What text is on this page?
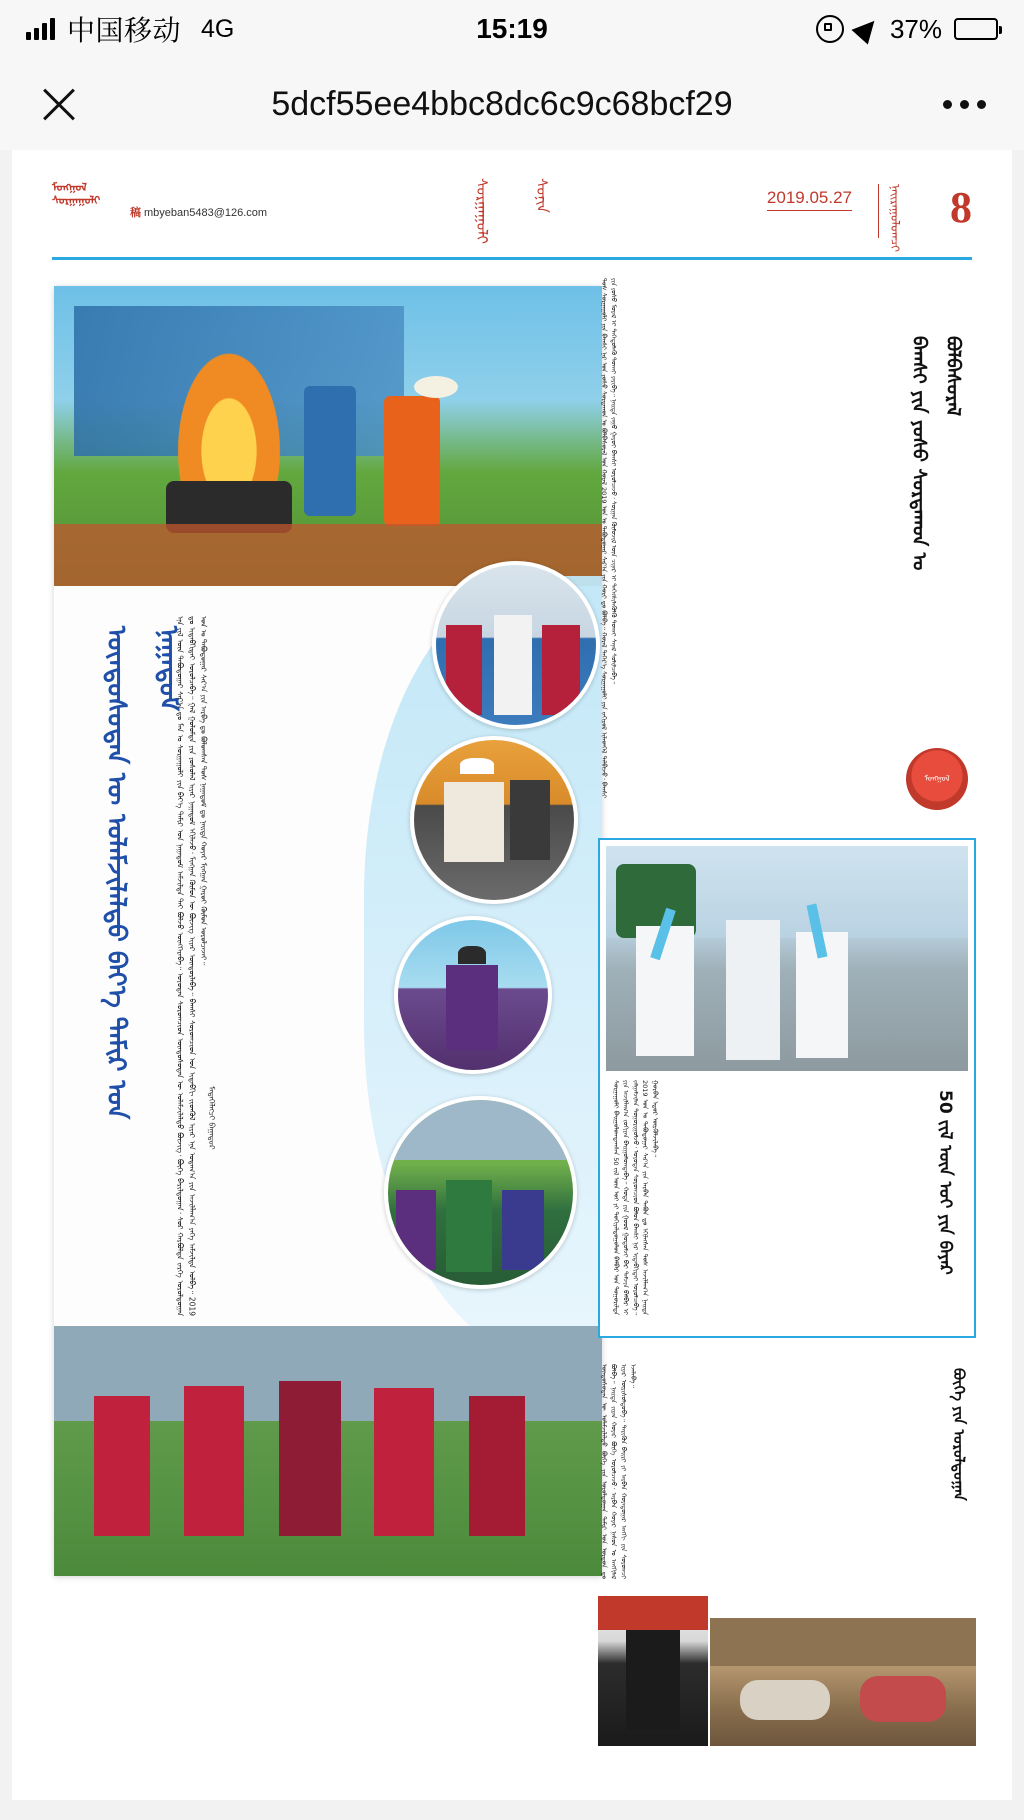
中国移动 4G	15:19	37%
5dcf55ee4bbc8dc6c9c68bcf29
ᠮᠣᠩᠭᠣᠯ ᠰᠤᠷᠭᠠᠭᠤᠯᠢ
稿 mbyeban5483@126.com	ᠰᠤᠷᠭᠠᠭᠤᠯᠢ	ᠰᠣᠨᠢᠨ	2019.05.27	ᠨᠠᠢᠷᠠᠭᠤᠯᠤᠭᠴᠢ 8
ᠦᠨᠳᠦᠰᠦᠲᠡᠨ ᠦ ᠤᠯᠠᠮᠵᠢᠯᠠᠯᠲᠤ ᠪᠡᠶ᠎ᠡ ᠲᠠᠮᠢᠷ ᠤᠨ ᠨᠠᠭᠠᠳᠤᠮ
ᠡᠨᠡ ᠵᠢᠯ ᠦᠨ ᠲᠠᠪᠤᠳᠤᠭᠠᠷ ᠰᠠᠷ᠎ᠠ ᠳᠤ ᠮᠠᠨ ᠤ ᠰᠤᠷᠭᠠᠭᠤᠯᠢ ᠶᠢᠨ ᠪᠡᠶ᠎ᠡ ᠲᠠᠮᠢᠷ ᠤᠨ ᠨᠠᠭᠠᠳᠤᠮ ᠠᠮᠵᠢᠯᠲᠠ ᠲᠠᠢ ᠪᠣᠯᠵᠤ ᠦᠩᠭᠡᠷᠡᠪᠡ᠃ ᠣᠶᠤᠲᠠᠨ ᠰᠤᠷᠤᠭᠴᠢᠳ ᠦᠨᠳᠦᠰᠦᠲᠡᠨ ᠦ ᠤᠯᠠᠮᠵᠢᠯᠠᠯᠲᠤ ᠪᠦᠵᠢᠭ᠂ ᠪᠥᠬᠡ ᠪᠠᠷᠢᠯᠳᠤᠭᠠᠨ᠂ ᠰᠤᠷ ᠬᠠᠷᠪᠤᠯᠲᠠ ᠵᠡᠷᠭᠡ ᠤᠷᠤᠯᠳᠤᠭᠠᠨ ᠳᠤ ᠢᠳᠡᠪᠬᠢᠲᠡᠢ ᠣᠷᠣᠯᠴᠠᠪᠠ᠃ ᠭᠠᠯ ᠭᠣᠯᠣᠮᠲᠠ ᠶᠢᠨ ᠶᠣᠰᠣᠯᠠᠯ ᠢᠶᠠᠷ ᠨᠠᠭᠠᠳᠤᠮ ᠡᠬᠢᠯᠡᠵᠦ᠂ ᠮᠢᠩᠭᠠᠨ ᠬᠥᠮᠦᠨ ᠦ ᠪᠦᠵᠢᠭ ᠢᠶᠡᠷ ᠥᠨᠳᠥᠷᠯᠡᠪᠡ᠃ ᠪᠠᠭᠰᠢ ᠰᠤᠷᠤᠭᠴᠢᠳ ᠤᠨ ᠢᠳᠡᠪᠬᠢ ᠵᠢᠳᠬᠦᠯ ᠢᠶᠡᠷ ᠡᠨᠡ ᠤᠳᠠᠭ᠎ᠠ ᠶᠢᠨ ᠠᠵᠢᠯᠯᠠᠭ᠎ᠠ ᠶᠡᠬᠡ ᠠᠮᠵᠢᠯᠲᠠ ᠣᠯᠪᠠ᠃ 2019 ᠣᠨ ᠤ ᠲᠠᠪᠤᠳᠤᠭᠠᠷ ᠰᠠᠷ᠎ᠠ ᠶᠢᠨ ᠠᠷᠪᠠ ᠳᠤ ᠪᠣᠯᠤᠭᠰᠠᠨ ᠲᠤᠰ ᠨᠠᠭᠠᠳᠤᠮ ᠳᠤ ᠨᠡᠢᠲᠡ ᠬᠣᠶᠠᠷ ᠮᠢᠩᠭᠠᠨ ᠭᠠᠷᠤᠢ ᠬᠥᠮᠦᠨ ᠣᠷᠣᠯᠴᠠᠵᠠᠢ᠃
ᠮᠡᠳᠡᠭᠡᠯᠡᠭᠴᠢ ᠪᠠᠭᠠᠲᠤᠷ
ᠲᠤᠰ ᠰᠤᠷᠭᠠᠭᠤᠯᠢ ᠶᠢᠨ ᠪᠠᠭᠰᠢ ᠨᠠᠷ ᠤᠨ ᠶᠣᠰᠣ ᠰᠤᠷᠲᠠᠬᠤᠨ ᠤ ᠪᠣᠯᠪᠠᠰᠤᠷᠠᠯ ᠤᠨ ᠬᠤᠷᠠᠯ 2019 ᠣᠨ ᠤ ᠲᠠᠪᠤᠳᠤᠭᠠᠷ ᠰᠠᠷ᠎ᠠ ᠶᠢᠨ ᠬᠣᠷᠢ ᠳᠤ ᠪᠣᠯᠪᠠ᠃ ᠬᠤᠷᠠᠯ ᠳᠡᠭᠡᠷ᠎ᠡ ᠰᠤᠷᠭᠠᠭᠤᠯᠢ ᠶᠢᠨ ᠵᠠᠬᠢᠷᠤᠯ ᠢᠯᠡᠳᠬᠡᠯ ᠲᠠᠯᠪᠢᠵᠤ᠂ ᠪᠠᠭᠰᠢ ᠶᠢᠨ ᠶᠣᠰᠣ ᠮᠣᠷᠠᠯ ᠢ ᠳᠡᠭᠡᠳᠦᠯᠡᠬᠦ ᠲᠤᠬᠠᠢ ᠶᠠᠷᠢᠪᠠ᠃ ᠨᠡᠢᠲᠡ ᠵᠠᠭᠤ ᠭᠠᠷᠤᠢ ᠪᠠᠭᠰᠢ ᠣᠷᠣᠯᠴᠠᠵᠤ᠂ ᠰᠤᠷᠭᠠᠨ ᠬᠥᠮᠦᠵᠢᠯ ᠦᠨ ᠴᠢᠨᠠᠷ ᠢ ᠳᠡᠭᠡᠭᠰᠢᠯᠡᠭᠦᠯᠬᠦ ᠲᠤᠬᠠᠢ ᠰᠠᠨᠠᠯ ᠰᠣᠯᠢᠯᠴᠠᠪᠠ᠃	ᠪᠠᠭᠰᠢ ᠶᠢᠨ ᠶᠣᠰᠣ ᠰᠤᠷᠲᠠᠬᠤᠨ ᠤ ᠪᠣᠯᠪᠠᠰᠤᠷᠠᠯ
ᠮᠣᠩᠭᠣᠯ
ᠰᠤᠷᠭᠠᠭᠤᠯᠢ ᠪᠠᠢᠭᠤᠯᠤᠭᠳᠠᠭᠰᠠᠨ 50 ᠵᠢᠯ ᠦᠨ ᠣᠢ ᠶᠢ ᠲᠣᠬᠢᠶᠠᠯᠳᠤᠭᠤᠯᠤᠨ ᠪᠠᠮᠪᠠᠷ ᠤᠨ ᠲᠤᠭᠤᠷᠢᠯᠲᠠ ᠶᠢᠨ ᠠᠵᠢᠯᠯᠠᠭ᠎ᠠ ᠵᠣᠬᠢᠶᠠᠨ ᠪᠠᠢᠭᠤᠯᠤᠭᠳᠠᠪᠠ᠃ ᠬᠣᠲᠠ ᠶᠢᠨ ᠭᠣᠣᠯ ᠭᠤᠳᠤᠮᠵᠢ ᠪᠠᠷ ᠳᠠᠮᠵᠢᠨ ᠪᠠᠮᠪᠠᠷ ᠢ ᠵᠠᠯᠭᠠᠮᠵᠢᠯᠠᠨ ᠲᠤᠭᠤᠷᠢᠭᠤᠯᠵᠤ᠂ ᠣᠶᠤᠲᠠᠨ ᠰᠤᠷᠤᠭᠴᠢᠳ ᠪᠣᠯᠤᠨ ᠪᠠᠭᠰᠢ ᠨᠠᠷ ᠢᠳᠡᠪᠬᠢᠲᠡᠢ ᠣᠷᠣᠯᠴᠠᠪᠠ᠃ 2019 ᠣᠨ ᠤ ᠲᠠᠪᠤᠳᠤᠭᠠᠷ ᠰᠠᠷ᠎ᠠ ᠶᠢᠨ ᠠᠷᠪᠠᠨ ᠲᠠᠪᠤᠨ ᠳᠤ ᠡᠬᠢᠯᠡᠭᠰᠡᠨ ᠲᠤᠰ ᠠᠵᠢᠯᠯᠠᠭ᠎ᠠ ᠨᠡᠢᠲᠡ ᠭᠤᠷᠪᠠᠨ ᠡᠳᠦᠷ ᠦᠷᠭᠦᠯᠵᠢᠯᠡᠪᠡ᠃	50 ᠵᠢᠯ ᠦᠨ ᠣᠢ ᠶᠢᠨ ᠪᠠᠶᠠᠷ
ᠦᠨᠳᠦᠰᠦᠲᠡᠨ ᠦ ᠤᠯᠠᠮᠵᠢᠯᠠᠯᠲᠤ ᠪᠥᠬᠡ ᠶᠢᠨ ᠤᠷᠤᠯᠳᠤᠭᠠᠨ ᠲᠠᠮᠢᠷ ᠤᠨ ᠣᠷᠳᠣᠨ ᠳᠤ ᠪᠣᠯᠪᠠ᠃ ᠨᠡᠢᠲᠡ ᠵᠢᠷᠠᠨ ᠬᠣᠶᠠᠷ ᠪᠥᠬᠡ ᠣᠷᠣᠯᠴᠠᠵᠤ᠂ ᠠᠷᠪᠠᠨ ᠬᠣᠶᠠᠷ ᠨᠠᠰᠤᠨ ᠤ ᠠᠩᠭᠢᠯᠠᠯ ᠢᠶᠠᠷ ᠥᠷᠢᠰᠦᠯᠳᠦᠪᠡ᠃ ᠲᠡᠷᠢᠭᠦᠨ ᠪᠠᠢᠷᠢ ᠶᠢ ᠠᠷᠪᠠᠨ ᠬᠣᠶᠠᠳᠤᠭᠠᠷ ᠠᠩᠭᠢ ᠶᠢᠨ ᠰᠤᠷᠤᠭᠴᠢ ᠡᠵᠡᠯᠡᠪᠡ᠃	ᠪᠥᠬᠡ ᠶᠢᠨ ᠤᠷᠤᠯᠳᠤᠭᠠᠨ
